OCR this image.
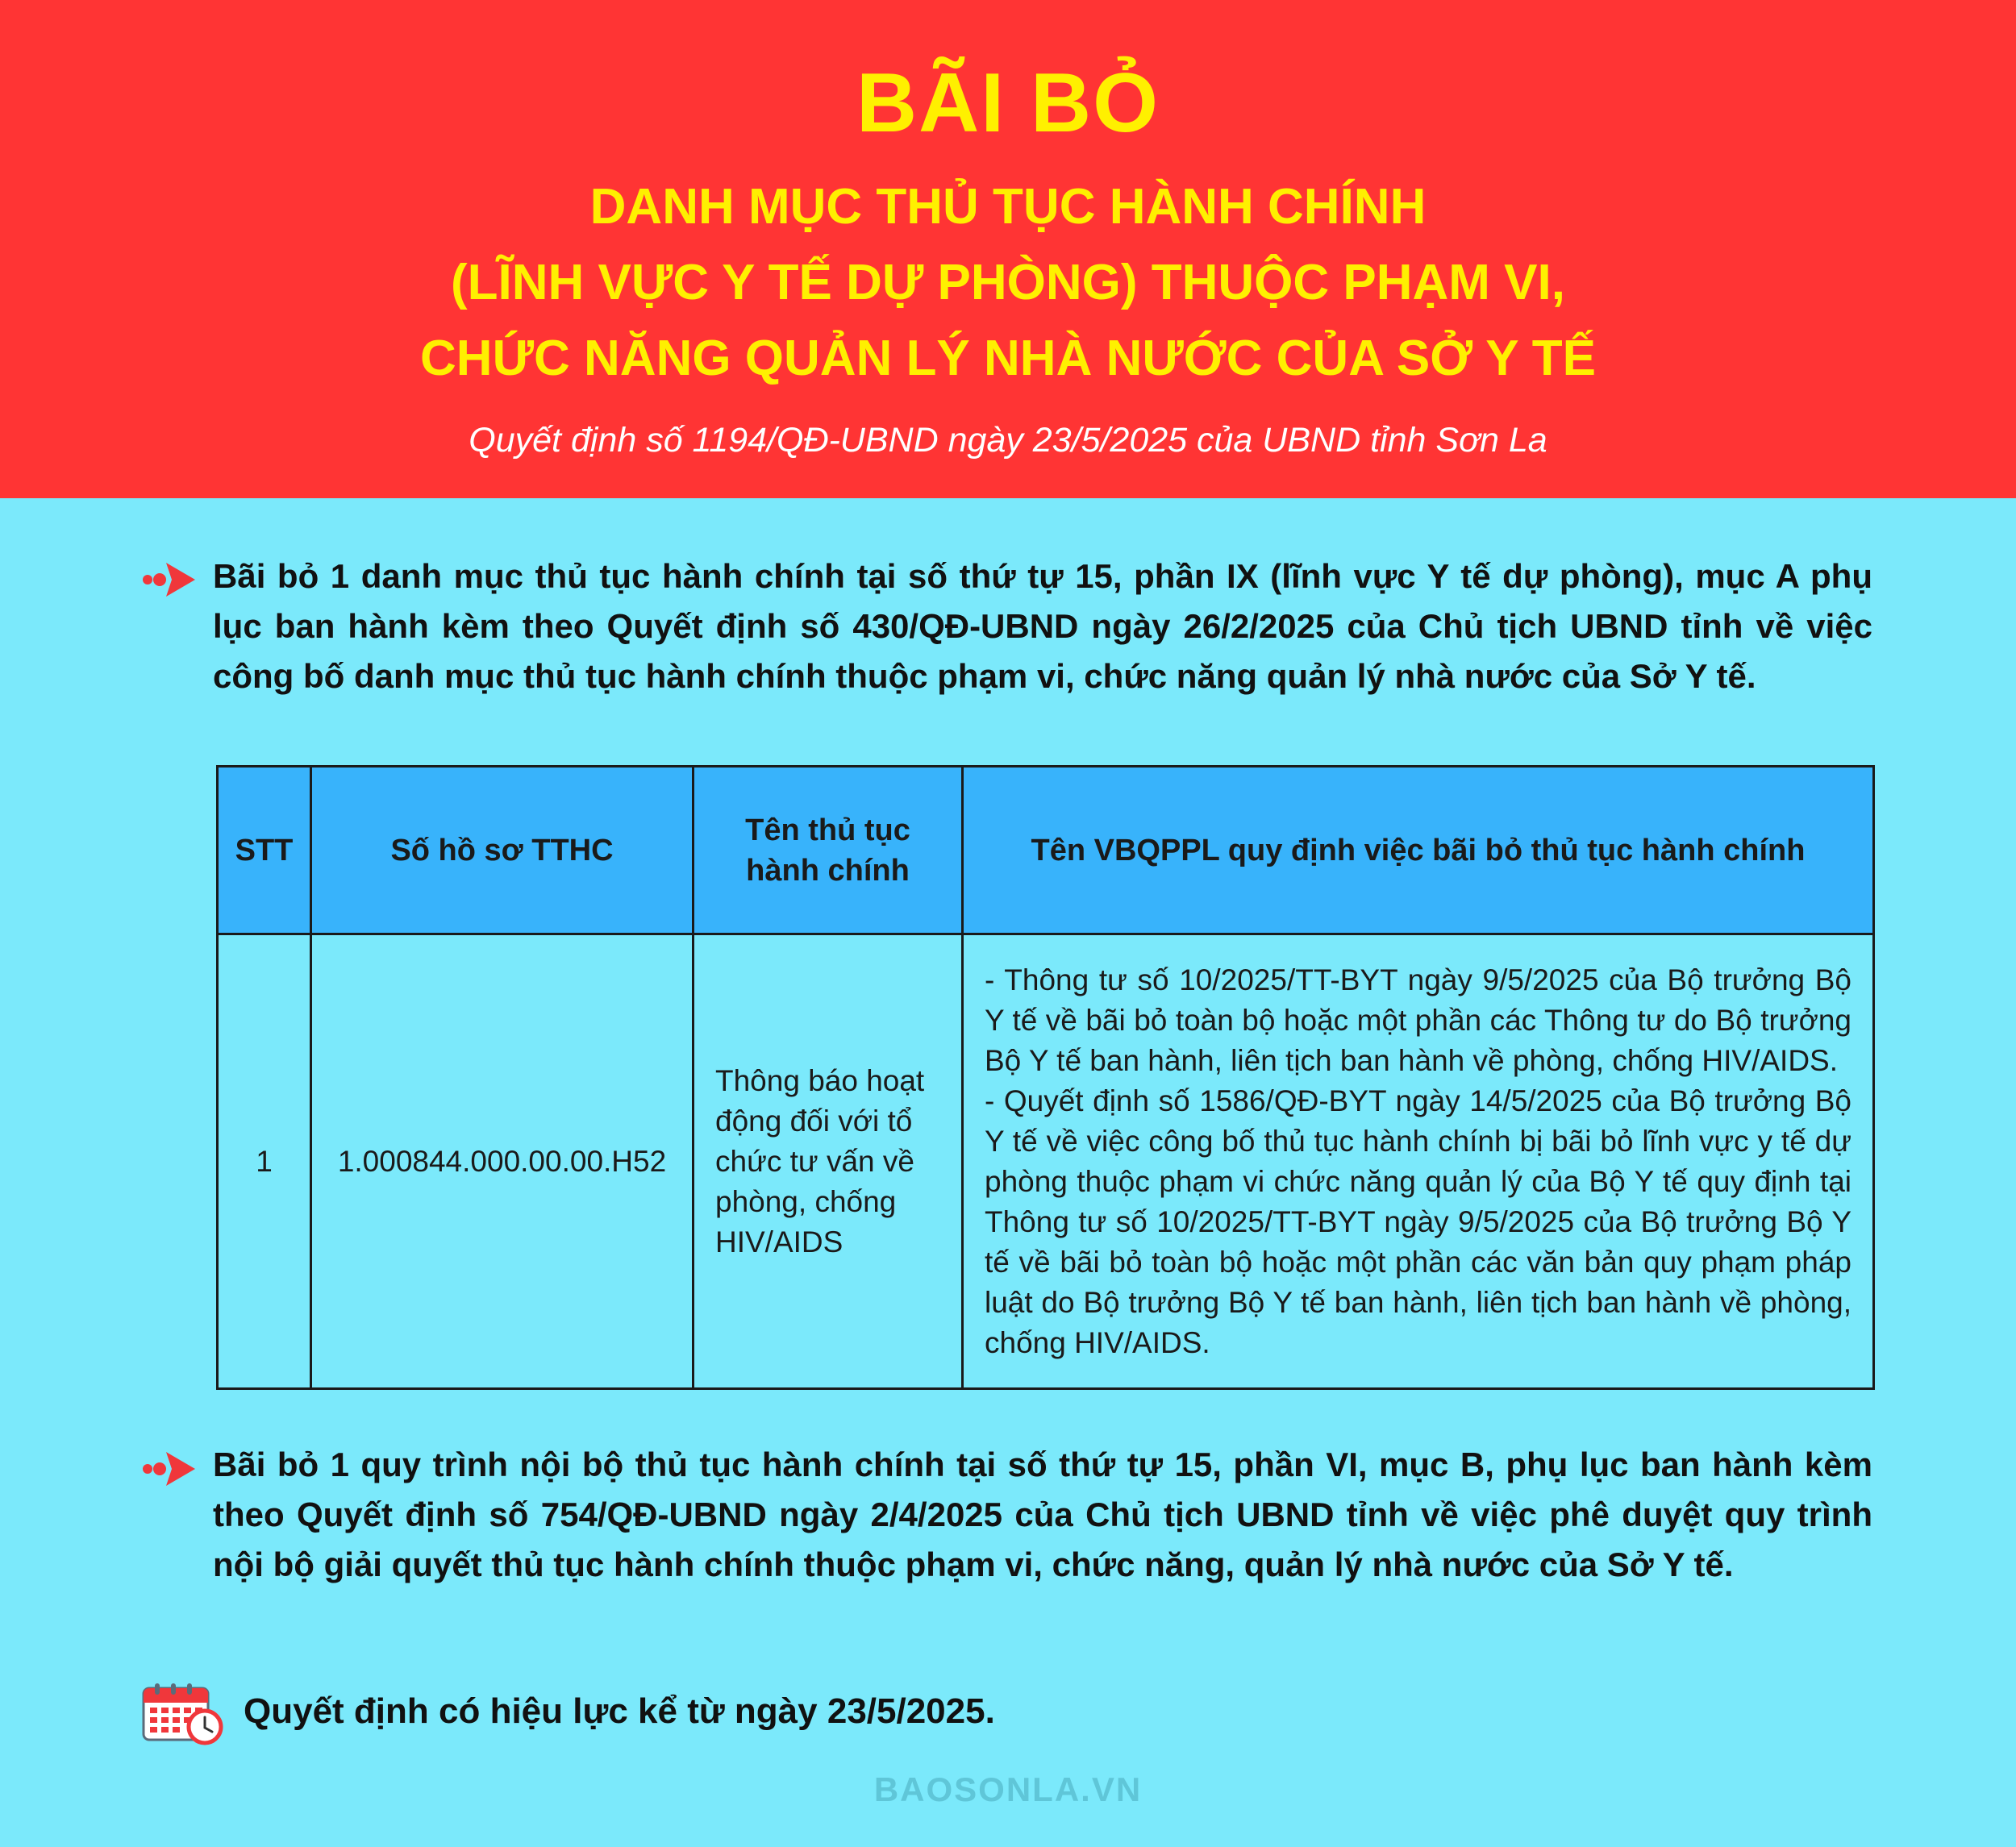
BÃI BỎ
DANH MỤC THỦ TỤC HÀNH CHÍNH
(LĨNH VỰC Y TẾ DỰ PHÒNG) THUỘC PHẠM VI,
CHỨC NĂNG QUẢN LÝ NHÀ NƯỚC CỦA SỞ Y TẾ
Quyết định số 1194/QĐ-UBND ngày 23/5/2025 của UBND tỉnh Sơn La
Bãi bỏ 1 danh mục thủ tục hành chính tại số thứ tự 15, phần IX (lĩnh vực Y tế dự phòng), mục A phụ lục ban hành kèm theo Quyết định số 430/QĐ-UBND ngày 26/2/2025 của Chủ tịch UBND tỉnh về việc công bố danh mục thủ tục hành chính thuộc phạm vi, chức năng quản lý nhà nước của Sở Y tế.
STT	Số hồ sơ TTHC	Tên thủ tục hành chính	Tên VBQPPL quy định việc bãi bỏ thủ tục hành chính
1	1.000844.000.00.00.H52	Thông báo hoạt động đối với tổ chức tư vấn về phòng, chống HIV/AIDS	- Thông tư số 10/2025/TT-BYT ngày 9/5/2025 của Bộ trưởng Bộ Y tế về bãi bỏ toàn bộ hoặc một phần các Thông tư do Bộ trưởng Bộ Y tế ban hành, liên tịch ban hành về phòng, chống HIV/AIDS.
- Quyết định số 1586/QĐ-BYT ngày 14/5/2025 của Bộ trưởng Bộ Y tế về việc công bố thủ tục hành chính bị bãi bỏ lĩnh vực y tế dự phòng thuộc phạm vi chức năng quản lý của Bộ Y tế quy định tại Thông tư số 10/2025/TT-BYT ngày 9/5/2025 của Bộ trưởng Bộ Y tế về bãi bỏ toàn bộ hoặc một phần các văn bản quy phạm pháp luật do Bộ trưởng Bộ Y tế ban hành, liên tịch ban hành về phòng, chống HIV/AIDS.
Bãi bỏ 1 quy trình nội bộ thủ tục hành chính tại số thứ tự 15, phần VI, mục B, phụ lục ban hành kèm theo Quyết định số 754/QĐ-UBND ngày 2/4/2025 của Chủ tịch UBND tỉnh về việc phê duyệt quy trình nội bộ giải quyết thủ tục hành chính thuộc phạm vi, chức năng, quản lý nhà nước của Sở Y tế.
Quyết định có hiệu lực kể từ ngày 23/5/2025.
BAOSONLA.VN
